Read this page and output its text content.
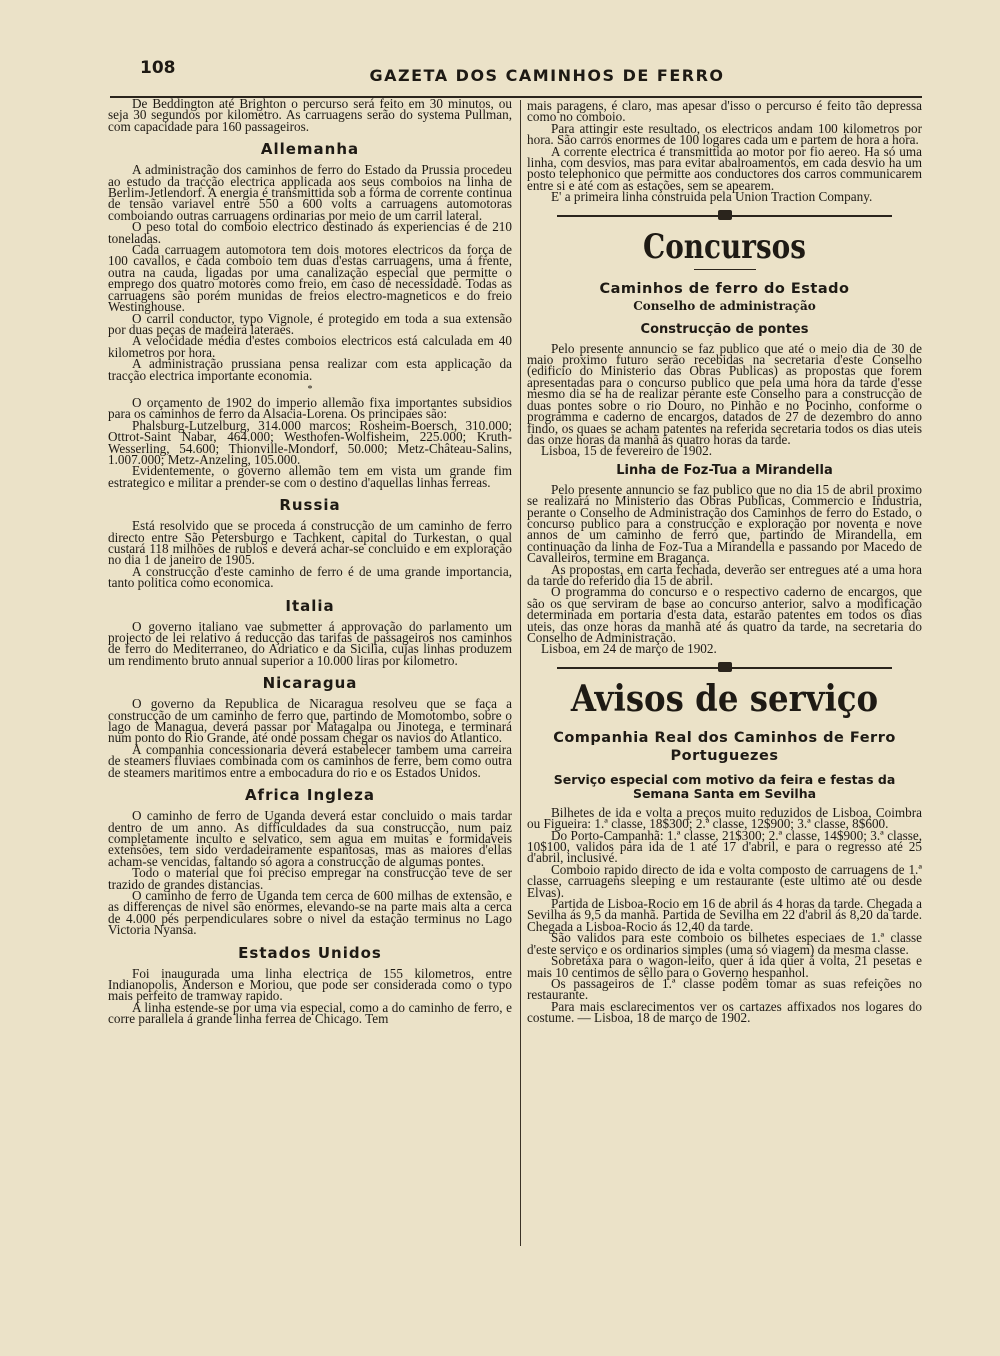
108	GAZETA DOS CAMINHOS DE FERRO

De Beddington até Brighton o percurso será feito em 30 minutos, ou seja 30 segundos por kilometro. As carruagens serão do systema Pullman, com capacidade para 160 passageiros.

Allemanha

A administração dos caminhos de ferro do Estado da Prussia procedeu ao estudo da tracção electrica applicada aos seus comboios na linha de Berlim-Jetlendorf. A energia é transmittida sob a fórma de corrente continua de tensão variavel entre 550 a 600 volts a carruagens automotoras comboiando outras carruagens ordinarias por meio de um carril lateral.

O peso total do comboio electrico destinado ás experiencias é de 210 toneladas.

Cada carruagem automotora tem dois motores electricos da força de 100 cavallos, e cada comboio tem duas d'estas carruagens, uma á frente, outra na cauda, ligadas por uma canalização especial que permitte o emprego dos quatro motores como freio, em caso de necessidade. Todas as carruagens são porém munidas de freios electro-magneticos e do freio Westinghouse.

O carril conductor, typo Vignole, é protegido em toda a sua extensão por duas peças de madeira lateraes.

A velocidade média d'estes comboios electricos está calculada em 40 kilometros por hora.

A administração prussiana pensa realizar com esta applicação da tracção electrica importante economia.

*

O orçamento de 1902 do imperio allemão fixa importantes subsidios para os caminhos de ferro da Alsacia-Lorena. Os principaes são:

Phalsburg-Lutzelburg, 314.000 marcos; Rosheim-Boersch, 310.000; Ottrot-Saint Nabar, 464.000; Westhofen-Wolfisheim, 225.000; Kruth-Wesserling, 54.600; Thionville-Mondorf, 50.000; Metz-Château-Salins, 1.007.000; Metz-Anzeling, 105.000.

Evidentemente, o governo allemão tem em vista um grande fim estrategico e militar a prender-se com o destino d'aquellas linhas ferreas.

Russia

Está resolvido que se proceda á construcção de um caminho de ferro directo entre São Petersburgo e Tachkent, capital do Turkestan, o qual custará 118 milhões de rublos e deverá achar-se concluido e em exploração no dia 1 de janeiro de 1905.

A construcção d'este caminho de ferro é de uma grande importancia, tanto politica como economica.

Italia

O governo italiano vae submetter á approvação do parlamento um projecto de lei relativo á reducção das tarifas de passageiros nos caminhos de ferro do Mediterraneo, do Adriatico e da Sicilia, cujas linhas produzem um rendimento bruto annual superior a 10.000 liras por kilometro.

Nicaragua

O governo da Republica de Nicaragua resolveu que se faça a construcção de um caminho de ferro que, partindo de Momotombo, sobre o lago de Managua, deverá passar por Matagalpa ou Jinotega, e terminará num ponto do Rio Grande, até onde possam chegar os navios do Atlantico.

A companhia concessionaria deverá estabelecer tambem uma carreira de steamers fluviaes combinada com os caminhos de ferre, bem como outra de steamers maritimos entre a embocadura do rio e os Estados Unidos.

Africa Ingleza

O caminho de ferro de Uganda deverá estar concluido o mais tardar dentro de um anno. As difficuldades da sua construcção, num paiz completamente inculto e selvatico, sem agua em muitas e formidaveis extensões, tem sido verdadeiramente espantosas, mas as maiores d'ellas acham-se vencidas, faltando só agora a construcção de algumas pontes.

Todo o material que foi preciso empregar na construcção teve de ser trazido de grandes distancias.

O caminho de ferro de Uganda tem cerca de 600 milhas de extensão, e as differenças de nivel são enormes, elevando-se na parte mais alta a cerca de 4.000 pés perpendiculares sobre o nivel da estação terminus no Lago Victoria Nyansa.

Estados Unidos

Foi inaugurada uma linha electrica de 155 kilometros, entre Indianopolis, Anderson e Moriou, que pode ser considerada como o typo mais perfeito de tramway rapido.

A linha estende-se por uma via especial, como a do caminho de ferro, e corre parallela á grande linha ferrea de Chicago. Tem

mais paragens, é claro, mas apesar d'isso o percurso é feito tão depressa como no comboio.

Para attingir este resultado, os electricos andam 100 kilometros por hora. São carros enormes de 100 logares cada um e partem de hora a hora.

A corrente electrica é transmittida ao motor por fio aereo. Ha só uma linha, com desvios, mas para evitar abalroamentos, em cada desvio ha um posto telephonico que permitte aos conductores dos carros communicarem entre si e até com as estações, sem se apearem.

E' a primeira linha construida pela Union Traction Company.

Concursos
Caminhos de ferro do Estado
Conselho de administração
Construcção de pontes

Pelo presente annuncio se faz publico que até o meio dia de 30 de maio proximo futuro serão recebidas na secretaria d'este Conselho (edificio do Ministerio das Obras Publicas) as propostas que forem apresentadas para o concurso publico que pela uma hora da tarde d'esse mesmo dia se ha de realizar perante este Conselho para a construcção de duas pontes sobre o rio Douro, no Pinhão e no Pocinho, conforme o programma e caderno de encargos, datados de 27 de dezembro do anno findo, os quaes se acham patentes na referida secretaria todos os dias uteis das onze horas da manhã ás quatro horas da tarde.

Lisboa, 15 de fevereiro de 1902.

Linha de Foz-Tua a Mirandella

Pelo presente annuncio se faz publico que no dia 15 de abril proximo se realizará no Ministerio das Obras Publicas, Commercio e Industria, perante o Conselho de Administração dos Caminhos de ferro do Estado, o concurso publico para a construcção e exploração por noventa e nove annos de um caminho de ferro que, partindo de Mirandella, em continuação da linha de Foz-Tua a Mirandella e passando por Macedo de Cavalleiros, termine em Bragança.

As propostas, em carta fechada, deverão ser entregues até a uma hora da tarde do referido dia 15 de abril.

O programma do concurso e o respectivo caderno de encargos, que são os que serviram de base ao concurso anterior, salvo a modificação determinada em portaria d'esta data, estarão patentes em todos os dias uteis, das onze horas da manhã até ás quatro da tarde, na secretaria do Conselho de Administração.

Lisboa, em 24 de março de 1902.

Avisos de serviço
Companhia Real dos Caminhos de Ferro Portuguezes
Serviço especial com motivo da feira e festas da Semana Santa em Sevilha

Bilhetes de ida e volta a preços muito reduzidos de Lisboa, Coimbra ou Figueira: 1.ª classe, 18$300; 2.ª classe, 12$900; 3.ª classe, 8$600.

Do Porto-Campanhã: 1.ª classe, 21$300; 2.ª classe, 14$900; 3.ª classe, 10$100, validos para ida de 1 até 17 d'abril, e para o regresso até 25 d'abril, inclusivé.

Comboio rapido directo de ida e volta composto de carruagens de 1.ª classe, carruagens sleeping e um restaurante (este ultimo até ou desde Elvas).

Partida de Lisboa-Rocio em 16 de abril ás 4 horas da tarde. Chegada a Sevilha ás 9,5 da manhã. Partida de Sevilha em 22 d'abril ás 8,20 da tarde. Chegada a Lisboa-Rocio ás 12,40 da tarde.

São validos para este comboio os bilhetes especiaes de 1.ª classe d'este serviço e os ordinarios simples (uma só viagem) da mesma classe.

Sobretaxa para o wagon-leito, quer á ida quer á volta, 21 pesetas e mais 10 centimos de sêllo para o Governo hespanhol.

Os passageiros de 1.ª classe podêm tomar as suas refeições no restaurante.

Para mais esclarecimentos ver os cartazes affixados nos logares do costume. — Lisboa, 18 de março de 1902.
